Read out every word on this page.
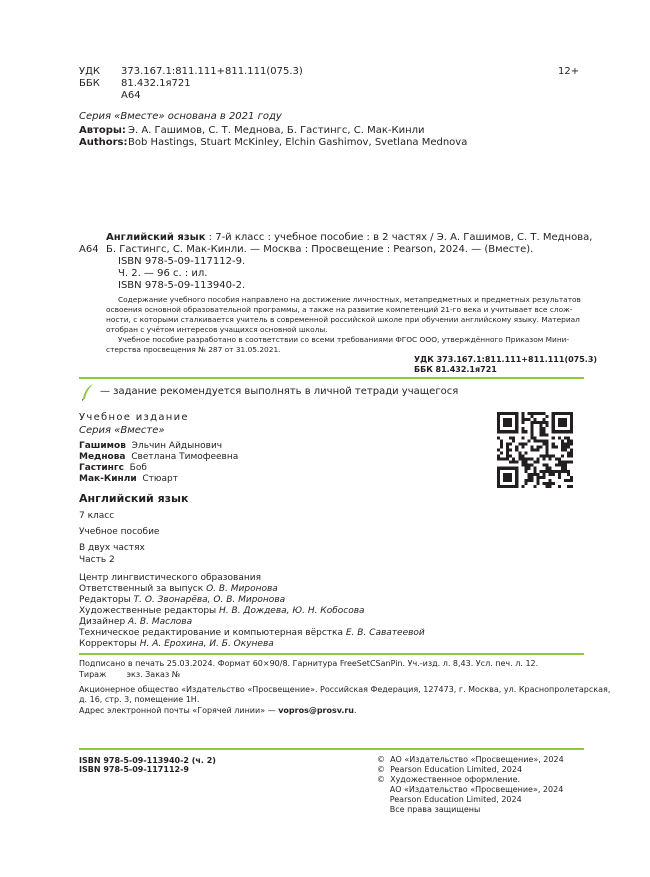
УДК 373.167.1:811.111+811.111(075.3)
ББК 81.432.1я721
А64
12+
Серия «Вместе» основана в 2021 году
Авторы: Э. А. Гашимов, С. Т. Меднова, Б. Гастингс, С. Мак-Кинли
Authors:Bob Hastings, Stuart McKinley, Elchin Gashimov, Svetlana Mednova
А64
Английский язык : 7-й класс : учебное пособие : в 2 частях / Э. А. Гашимов, С. Т. Меднова,
Б. Гастингс, С. Мак-Кинли. — Москва : Просвещение : Pearson, 2024. — (Вместе).
ISBN 978-5-09-117112-9.
Ч. 2. — 96 с. : ил.
ISBN 978-5-09-113940-2.
Содержание учебного пособия направлено на достижение личностных, метапредметных и предметных результатов
освоения основной образовательной программы, а также на развитие компетенций 21-го века и учитывает все слож-
ности, с которыми сталкивается учитель в современной российской школе при обучении английскому языку. Материал
отобран с учётом интересов учащихся основной школы.
Учебное пособие разработано в соответствии со всеми требованиями ФГОС ООО, утверждённого Приказом Мини-
стерства просвещения № 287 от 31.05.2021.
УДК 373.167.1:811.111+811.111(075.3)
ББК 81.432.1я721
— задание рекомендуется выполнять в личной тетради учащегося
Учебное издание
Серия «Вместе»
Гашимов Эльчин Айдынович
Меднова Светлана Тимофеевна
Гастингс Боб
Мак-Кинли Стюарт
Английский язык
7 класс
Учебное пособие
В двух частях
Часть 2
Центр лингвистического образования
Ответственный за выпуск О. В. Миронова
Редакторы Т. О. Звонарёва, О. В. Миронова
Художественные редакторы Н. В. Дождева, Ю. Н. Кобосова
Дизайнер А. В. Маслова
Техническое редактирование и компьютерная вёрстка Е. В. Саватеевой
Корректоры Н. А. Ерохина, И. Б. Окунева
Подписано в печать 25.03.2024. Формат 60×90/8. Гарнитура FreeSetCSanPin. Уч.-изд. л. 8,43. Усл. печ. л. 12.
Тираж        экз. Заказ №
Акционерное общество «Издательство «Просвещение». Российская Федерация, 127473, г. Москва, ул. Краснопролетарская,
д. 16, стр. 3, помещение 1Н.
Адрес электронной почты «Горячей линии» — vopros@prosv.ru.
ISBN 978-5-09-113940-2 (ч. 2)
ISBN 978-5-09-117112-9
©  АО «Издательство «Просвещение», 2024
©  Pearson Education Limited, 2024
©  Художественное оформление.
АО «Издательство «Просвещение», 2024
Pearson Education Limited, 2024
Все права защищены
